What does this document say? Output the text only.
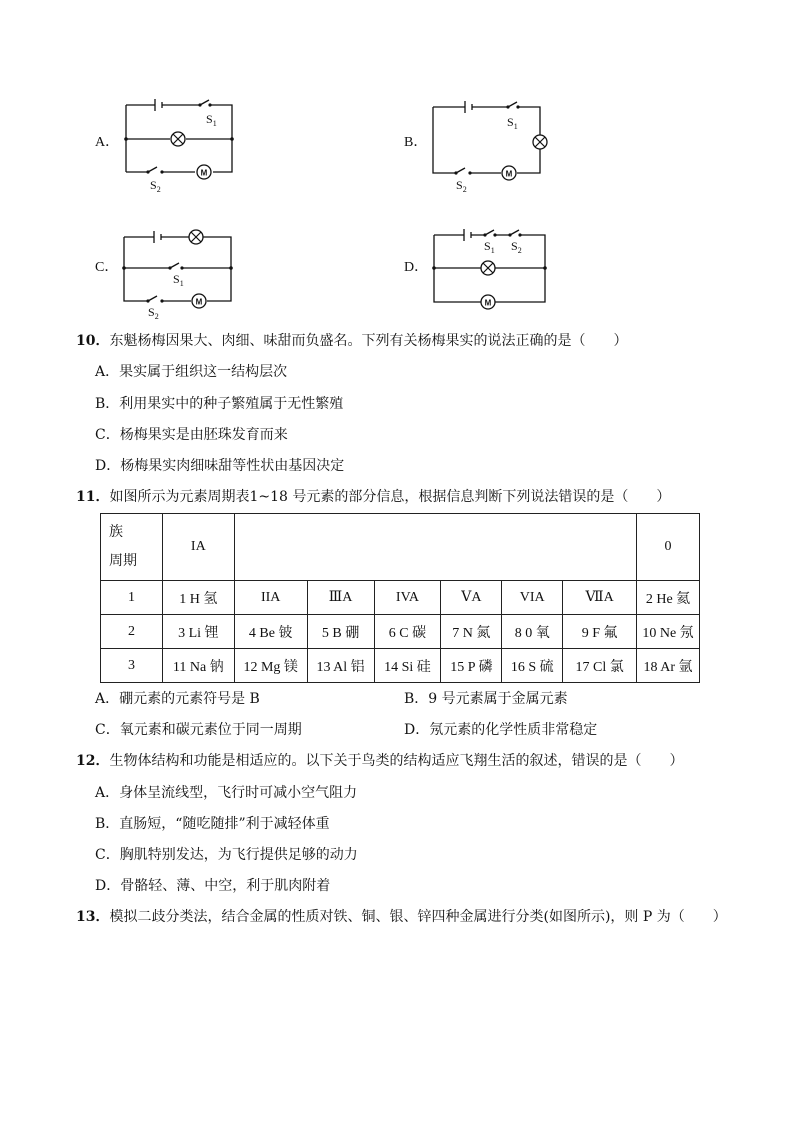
A．
M
$S_1$
$S_2$
B．
M
$S_1$
$S_2$
C．
M
$S_1$
$S_2$
D．
M
$S_1$ $S_2$
10．东魁杨梅因果大、肉细、味甜而负盛名。下列有关杨梅果实的说法正确的是（　　）
A．果实属于组织这一结构层次
B．利用果实中的种子繁殖属于无性繁殖
C．杨梅果实是由胚珠发育而来
D．杨梅果实肉细味甜等性状由基因决定
11．如图所示为元素周期表1~18 号元素的部分信息，根据信息判断下列说法错误的是（　　）
族
周期	IA							0
1	1 H 氢	IIA	ⅢA	IVA	ⅤA	VIA	ⅦA	2 He 氦
2	3 Li 锂	4 Be 铍	5 B 硼	6 C 碳	7 N 氮	8 0 氧	9 F 氟	10 Ne 氖
3	11 Na 钠	12 Mg 镁	13 Al 铝	14 Si 硅	15 P 磷	16 S 硫	17 Cl 氯	18 Ar 氩
A．硼元素的元素符号是 B	B．9 号元素属于金属元素
C．氧元素和碳元素位于同一周期	D．氖元素的化学性质非常稳定
12．生物体结构和功能是相适应的。以下关于鸟类的结构适应飞翔生活的叙述，错误的是（　　）
A．身体呈流线型，飞行时可减小空气阻力
B．直肠短，“随吃随排”利于减轻体重
C．胸肌特别发达，为飞行提供足够的动力
D．骨骼轻、薄、中空，利于肌肉附着
13．模拟二歧分类法，结合金属的性质对铁、铜、银、锌四种金属进行分类(如图所示)，则 P 为（　　）
